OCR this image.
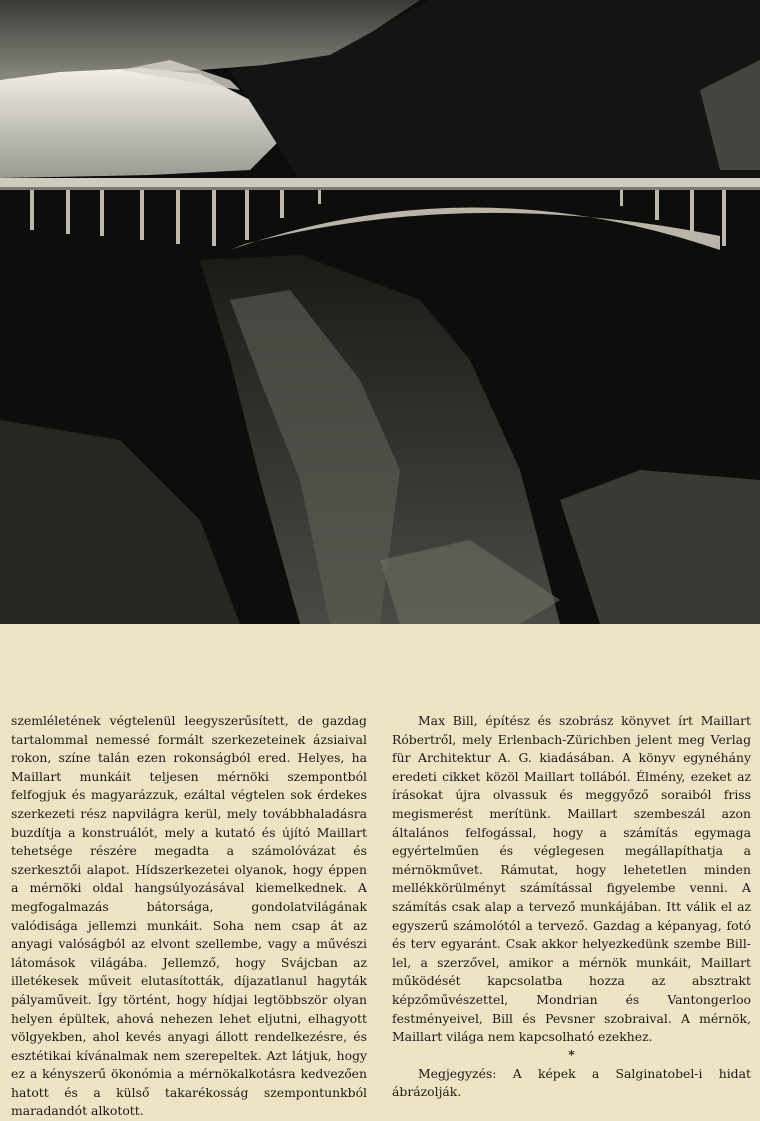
szemléletének végtelenül leegyszerűsített, de gazdag tartalommal nemessé formált szerkezeteinek ázsiaival rokon, színe talán ezen rokonságból ered. Helyes, ha Maillart munkáit teljesen mérnöki szempontból felfogjuk és magyarázzuk, ezáltal végtelen sok érdekes szerkezeti rész napvilágra kerül, mely továbbhaladásra buzdítja a konstruálót, mely a kutató és újító Maillart tehetsége részére megadta a számolóvázat és szerkesztői alapot. Hídszerkezetei olyanok, hogy éppen a mérnöki oldal hangsúlyozásával kiemelkednek. A megfogalmazás bátorsága, gondolatvilágának valódisága jellemzi munkáit. Soha nem csap át az anyagi valóságból az elvont szellembe, vagy a művészi látomások világába. Jellemző, hogy Svájcban az illetékesek műveit elutasították, díjazatlanul hagyták pályaműveit. Így történt, hogy hídjai legtöbbször olyan helyen épültek, ahová nehezen lehet eljutni, elhagyott völgyekben, ahol kevés anyagi állott rendelkezésre, és esztétikai kívánalmak nem szerepeltek. Azt látjuk, hogy ez a kényszerű ökonómia a mérnökalkotásra kedvezően hatott és a külső takarékosság szempontunkból maradandót alkotott.

Max Bill, építész és szobrász könyvet írt Maillart Róbertről, mely Erlenbach-Zürichben jelent meg Verlag für Architektur A. G. kiadásában. A könyv egynéhány eredeti cikket közöl Maillart tollából. Élmény, ezeket az írásokat újra olvassuk és meggyőző soraiból friss megismerést merítünk. Maillart szembeszál azon általános felfogással, hogy a számítás egymaga egyértelműen és véglegesen megállapíthatja a mérnökművet. Rámutat, hogy lehetetlen minden mellékkörülményt számítással figyelembe venni. A számítás csak alap a tervező munkájában. Itt válik el az egyszerű számolótól a tervező. Gazdag a képanyag, fotó és terv egyaránt. Csak akkor helyezkedünk szembe Bill-lel, a szerzővel, amikor a mérnök munkáit, Maillart működését kapcsolatba hozza az absztrakt képzőművészettel, Mondrian és Vantongerloo festményeivel, Bill és Pevsner szobraival. A mérnök, Maillart világa nem kapcsolható ezekhez.

*

Megjegyzés: A képek a Salginatobel-i hidat ábrázolják.
